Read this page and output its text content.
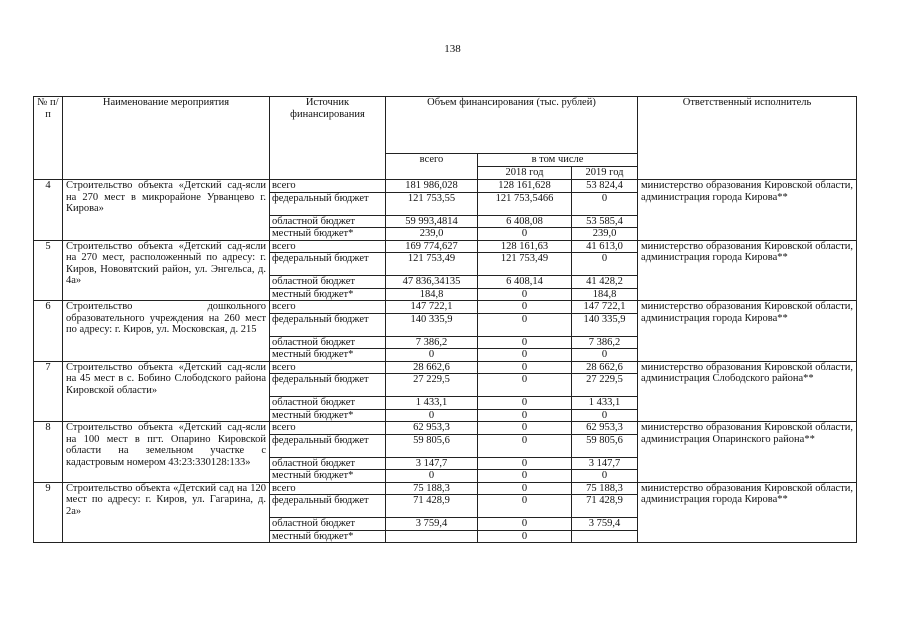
138
№ п/п	Наименование мероприятия	Источник финансирования	Объем финансирования (тыс. рублей)			Ответственный исполнитель
			всего	в том числе		
				2018 год	2019 год	
4	Строительство объекта «Детский сад-ясли на 270 мест в микрорайоне Урванцево г. Кирова»	всего	181 986,028	128 161,628	53 824,4	министерство образования Кировской области, администрация города Кирова**
		федеральный бюджет	121 753,55	121 753,5466	0	
		областной бюджет	59 993,4814	6 408,08	53 585,4	
		местный бюджет*	239,0	0	239,0	
5	Строительство объекта «Детский сад-ясли на 270 мест, расположенный по адресу: г. Киров, Нововятский район, ул. Энгельса, д. 4а»	всего	169 774,627	128 161,63	41 613,0	министерство образования Кировской области, администрация города Кирова**
		федеральный бюджет	121 753,49	121 753,49	0	
		областной бюджет	47 836,34135	6 408,14	41 428,2	
		местный бюджет*	184,8	0	184,8	
6	Строительство дошкольного образовательного учреждения на 260 мест по адресу: г. Киров, ул. Московская, д. 215	всего	147 722,1	0	147 722,1	министерство образования Кировской области, администрация города Кирова**
		федеральный бюджет	140 335,9	0	140 335,9	
		областной бюджет	7 386,2	0	7 386,2	
		местный бюджет*	0	0	0	
7	Строительство объекта «Детский сад-ясли на 45 мест в с. Бобино Слободского района Кировской области»	всего	28 662,6	0	28 662,6	министерство образования Кировской области, администрация Слободского района**
		федеральный бюджет	27 229,5	0	27 229,5	
		областной бюджет	1 433,1	0	1 433,1	
		местный бюджет*	0	0	0	
8	Строительство объекта «Детский сад-ясли на 100 мест в пгт. Опарино Кировской области на земельном участке с кадастровым номером 43:23:330128:133»	всего	62 953,3	0	62 953,3	министерство образования Кировской области, администрация Опаринского района**
		федеральный бюджет	59 805,6	0	59 805,6	
		областной бюджет	3 147,7	0	3 147,7	
		местный бюджет*	0	0	0	
9	Строительство объекта «Детский сад на 120 мест по адресу: г. Киров, ул. Гагарина, д. 2а»	всего	75 188,3	0	75 188,3	министерство образования Кировской области, администрация города Кирова**
		федеральный бюджет	71 428,9	0	71 428,9	
		областной бюджет	3 759,4	0	3 759,4	
		местный бюджет*		0		
